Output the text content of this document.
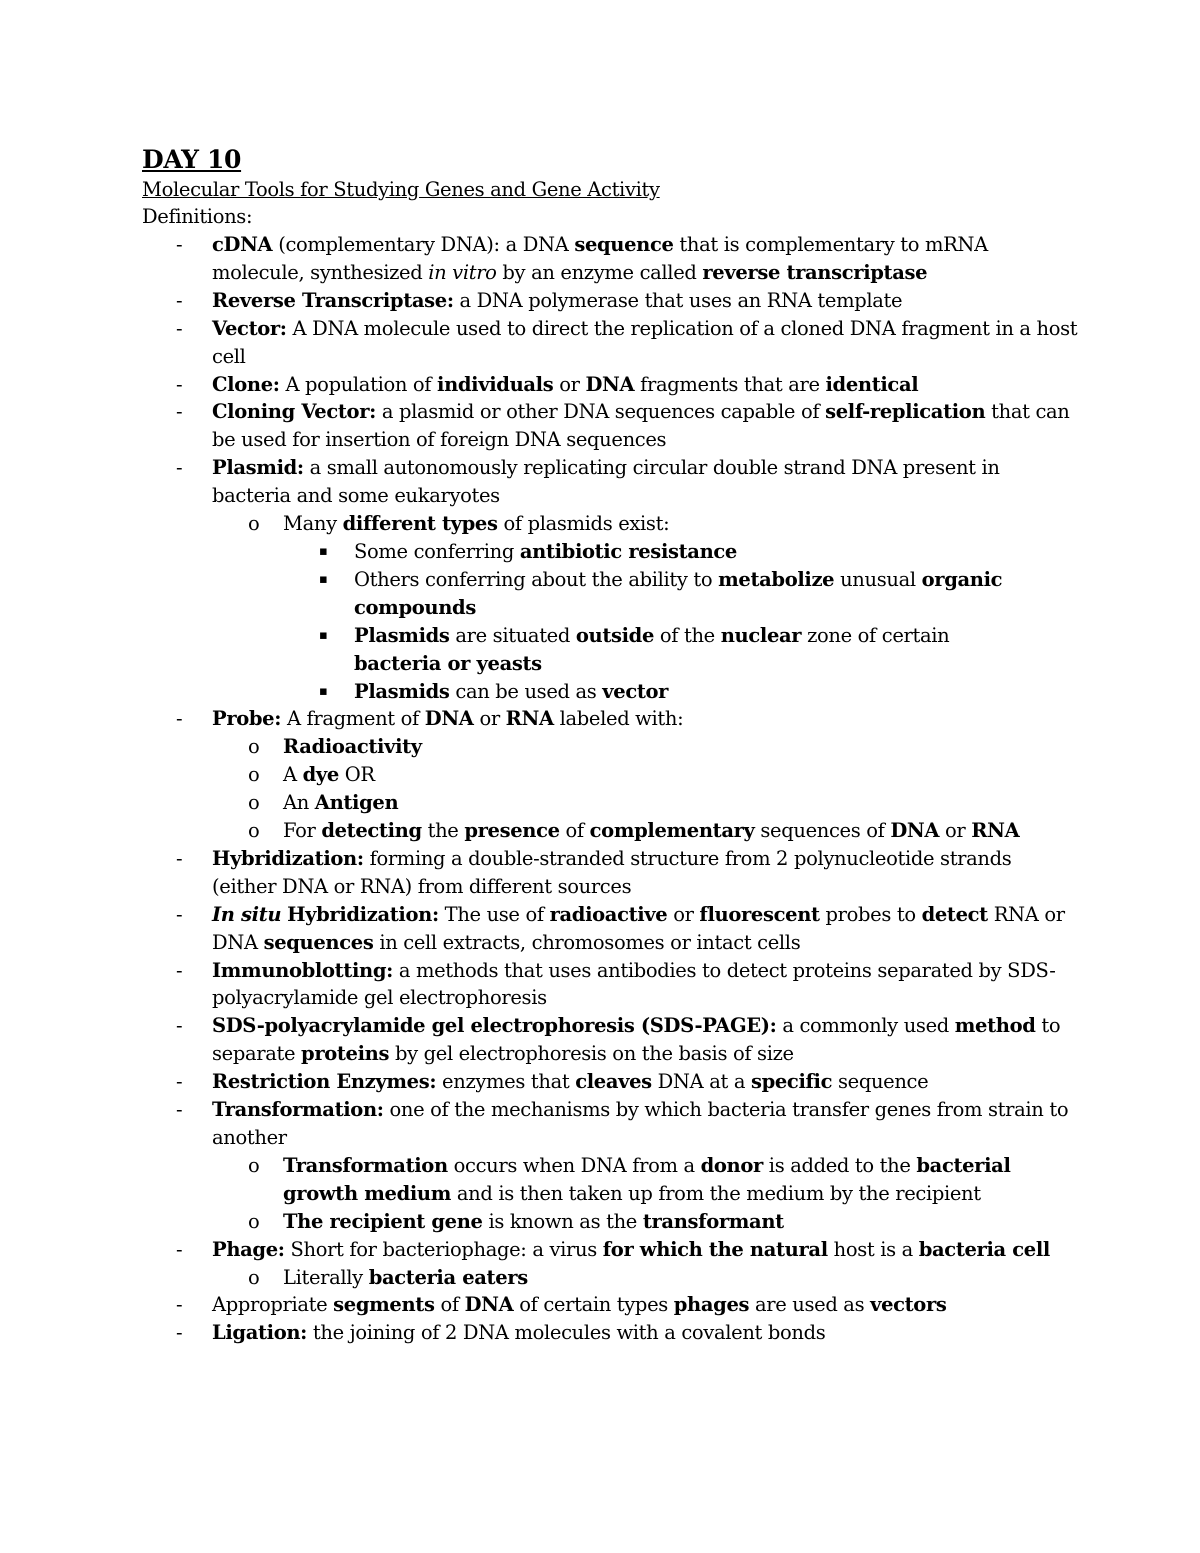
DAY 10
Molecular Tools for Studying Genes and Gene Activity
Definitions:
- cDNA (complementary DNA): a DNA sequence that is complementary to mRNA molecule, synthesized in vitro by an enzyme called reverse transcriptase
- Reverse Transcriptase: a DNA polymerase that uses an RNA template
- Vector: A DNA molecule used to direct the replication of a cloned DNA fragment in a host cell
- Clone: A population of individuals or DNA fragments that are identical
- Cloning Vector: a plasmid or other DNA sequences capable of self-replication that can be used for insertion of foreign DNA sequences
- Plasmid: a small autonomously replicating circular double strand DNA present in bacteria and some eukaryotes
o Many different types of plasmids exist:
▪ Some conferring antibiotic resistance
▪ Others conferring about the ability to metabolize unusual organic compounds
▪ Plasmids are situated outside of the nuclear zone of certain bacteria or yeasts
▪ Plasmids can be used as vector
- Probe: A fragment of DNA or RNA labeled with:
o Radioactivity
o A dye OR
o An Antigen
o For detecting the presence of complementary sequences of DNA or RNA
- Hybridization: forming a double-stranded structure from 2 polynucleotide strands (either DNA or RNA) from different sources
- In situ Hybridization: The use of radioactive or fluorescent probes to detect RNA or DNA sequences in cell extracts, chromosomes or intact cells
- Immunoblotting: a methods that uses antibodies to detect proteins separated by SDS-polyacrylamide gel electrophoresis
- SDS-polyacrylamide gel electrophoresis (SDS-PAGE): a commonly used method to separate proteins by gel electrophoresis on the basis of size
- Restriction Enzymes: enzymes that cleaves DNA at a specific sequence
- Transformation: one of the mechanisms by which bacteria transfer genes from strain to another
o Transformation occurs when DNA from a donor is added to the bacterial growth medium and is then taken up from the medium by the recipient
o The recipient gene is known as the transformant
- Phage: Short for bacteriophage: a virus for which the natural host is a bacteria cell
o Literally bacteria eaters
- Appropriate segments of DNA of certain types phages are used as vectors
- Ligation: the joining of 2 DNA molecules with a covalent bonds
